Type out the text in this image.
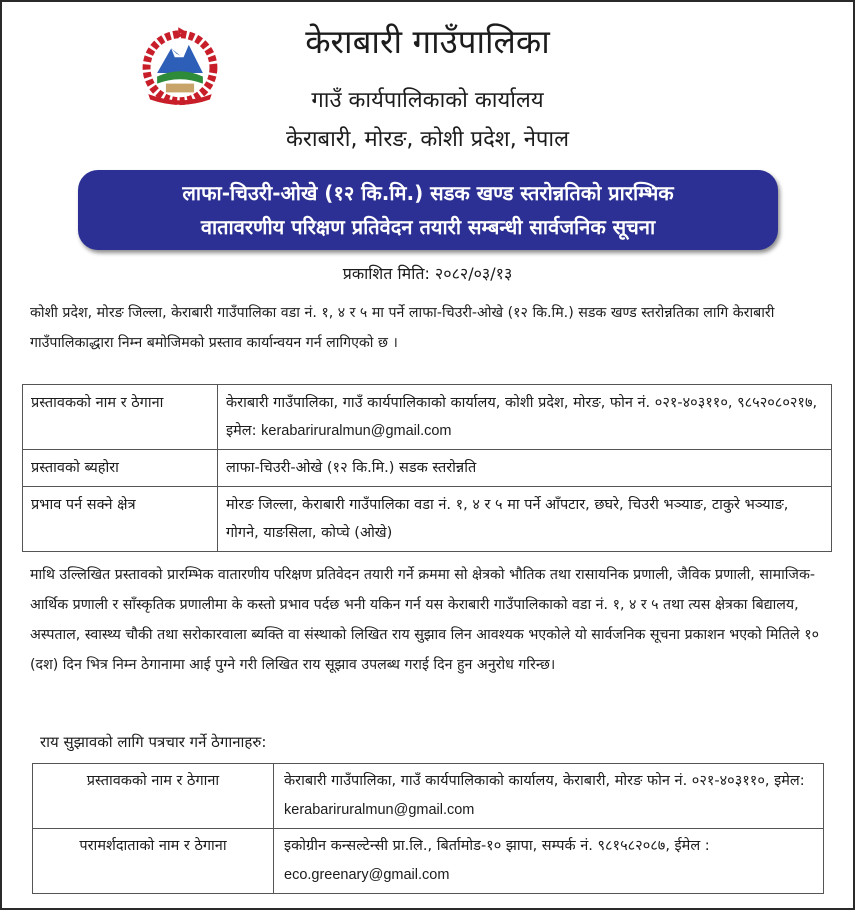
केराबारी गाउँपालिका
गाउँ कार्यपालिकाको कार्यालय
केराबारी, मोरङ, कोशी प्रदेश, नेपाल
लाफा-चिउरी-ओखे (१२ कि.मि.) सडक खण्ड स्तरोन्नतिको प्रारम्भिक
वातावरणीय परिक्षण प्रतिवेदन तयारी सम्बन्धी सार्वजनिक सूचना
प्रकाशित मिति: २०८२/०३/१३
कोशी प्रदेश, मोरङ जिल्ला, केराबारी गाउँपालिका वडा नं. १, ४ र ५ मा पर्ने लाफा-चिउरी-ओखे (१२ कि.मि.) सडक खण्ड स्तरोन्नतिका लागि केराबारी गाउँपालिकाद्धारा निम्न बमोजिमको प्रस्ताव कार्यान्वयन गर्न लागिएको छ ।
प्रस्तावकको नाम र ठेगाना	केराबारी गाउँपालिका, गाउँ कार्यपालिकाको कार्यालय, कोशी प्रदेश, मोरङ, फोन नं. ०२१-४०३११०, ९८५२०८०२१७, इमेल: kerabariruralmun@gmail.com
प्रस्तावको ब्यहोरा	लाफा-चिउरी-ओखे (१२ कि.मि.) सडक स्तरोन्नति
प्रभाव पर्न सक्ने क्षेत्र	मोरङ जिल्ला, केराबारी गाउँपालिका वडा नं. १, ४ र ५ मा पर्ने आँपटार, छघरे, चिउरी भञ्याङ, टाकुरे भञ्याङ, गोगने, याङसिला, कोप्चे (ओखे)
माथि उल्लिखित प्रस्तावको प्रारम्भिक वातारणीय परिक्षण प्रतिवेदन तयारी गर्ने क्रममा सो क्षेत्रको भौतिक तथा रासायनिक प्रणाली, जैविक प्रणाली, सामाजिक-आर्थिक प्रणाली र साँस्कृतिक प्रणालीमा के कस्तो प्रभाव पर्दछ भनी यकिन गर्न यस केराबारी गाउँपालिकाको वडा नं. १, ४ र ५ तथा त्यस क्षेत्रका बिद्यालय, अस्पताल, स्वास्थ्य चौकी तथा सरोकारवाला ब्यक्ति वा संस्थाको लिखित राय सुझाव लिन आवश्यक भएकोले यो सार्वजनिक सूचना प्रकाशन भएको मितिले १० (दश) दिन भित्र निम्न ठेगानामा आई पुग्ने गरी लिखित राय सूझाव उपलब्ध गराई दिन हुन अनुरोध गरिन्छ।
राय सुझावको लागि पत्रचार गर्ने ठेगानाहरु:
प्रस्तावकको नाम र ठेगाना	केराबारी गाउँपालिका, गाउँ कार्यपालिकाको कार्यालय, केराबारी, मोरङ फोन नं. ०२१-४०३११०, इमेल: kerabariruralmun@gmail.com
परामर्शदाताको नाम र ठेगाना	इकोग्रीन कन्सल्टेन्सी प्रा.लि., बिर्तामोड-१० झापा, सम्पर्क नं. ९८१५८२०८७, ईमेल : eco.greenary@gmail.com
